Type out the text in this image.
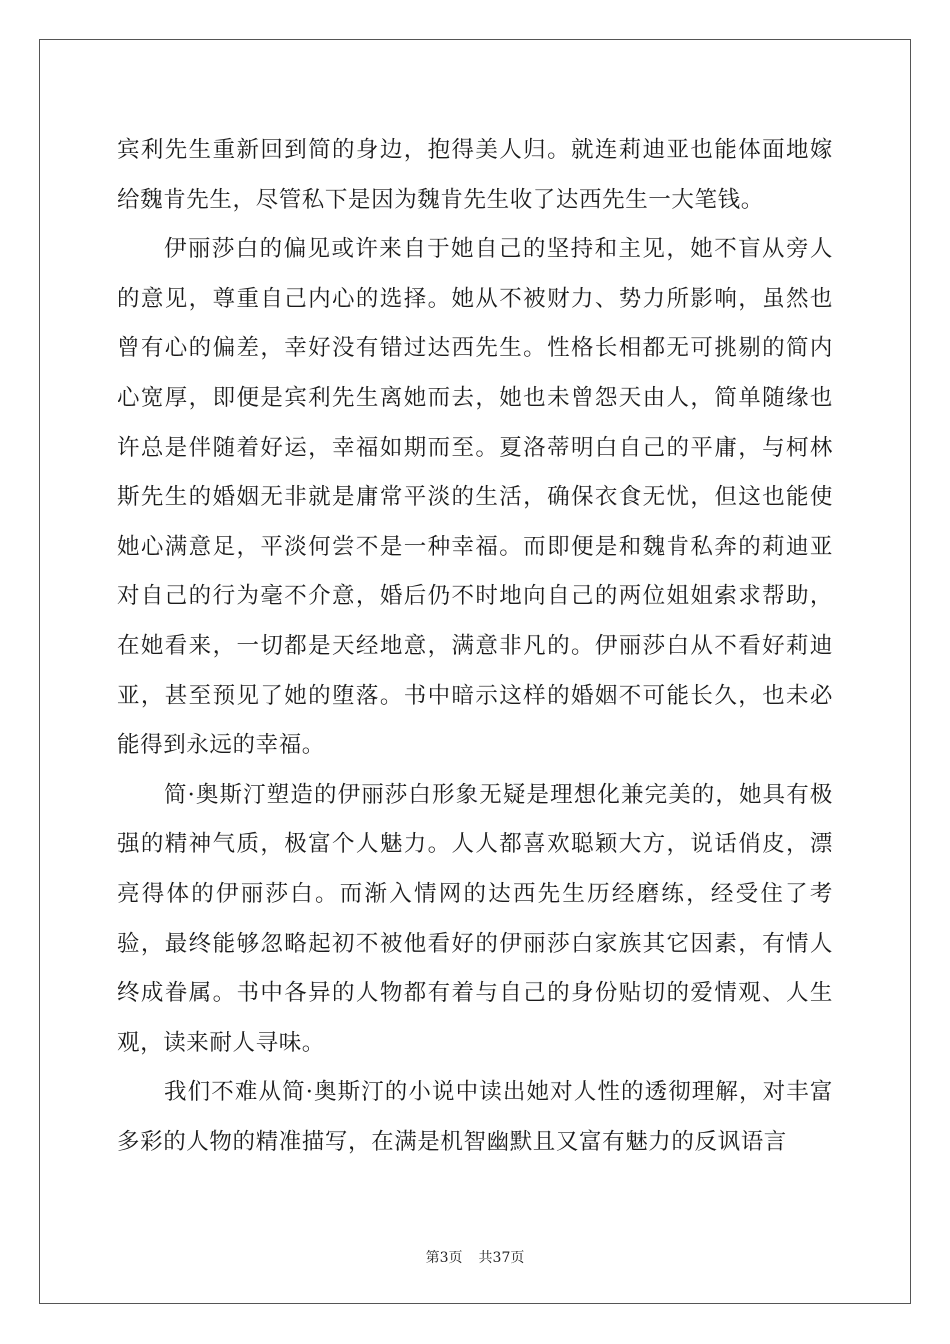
宾利先生重新回到简的身边，抱得美人归。就连莉迪亚也能体面地嫁给魏肯先生，尽管私下是因为魏肯先生收了达西先生一大笔钱。

伊丽莎白的偏见或许来自于她自己的坚持和主见，她不盲从旁人的意见，尊重自己内心的选择。她从不被财力、势力所影响，虽然也曾有心的偏差，幸好没有错过达西先生。性格长相都无可挑剔的简内心宽厚，即便是宾利先生离她而去，她也未曾怨天由人，简单随缘也许总是伴随着好运，幸福如期而至。夏洛蒂明白自己的平庸，与柯林斯先生的婚姻无非就是庸常平淡的生活，确保衣食无忧，但这也能使她心满意足，平淡何尝不是一种幸福。而即便是和魏肯私奔的莉迪亚对自己的行为毫不介意，婚后仍不时地向自己的两位姐姐索求帮助，在她看来，一切都是天经地意，满意非凡的。伊丽莎白从不看好莉迪亚，甚至预见了她的堕落。书中暗示这样的婚姻不可能长久，也未必能得到永远的幸福。

简·奥斯汀塑造的伊丽莎白形象无疑是理想化兼完美的，她具有极强的精神气质，极富个人魅力。人人都喜欢聪颖大方，说话俏皮，漂亮得体的伊丽莎白。而渐入情网的达西先生历经磨练，经受住了考验，最终能够忽略起初不被他看好的伊丽莎白家族其它因素，有情人终成眷属。书中各异的人物都有着与自己的身份贴切的爱情观、人生观，读来耐人寻味。

我们不难从简·奥斯汀的小说中读出她对人性的透彻理解，对丰富多彩的人物的精准描写，在满是机智幽默且又富有魅力的反讽语言

第3页 共37页
